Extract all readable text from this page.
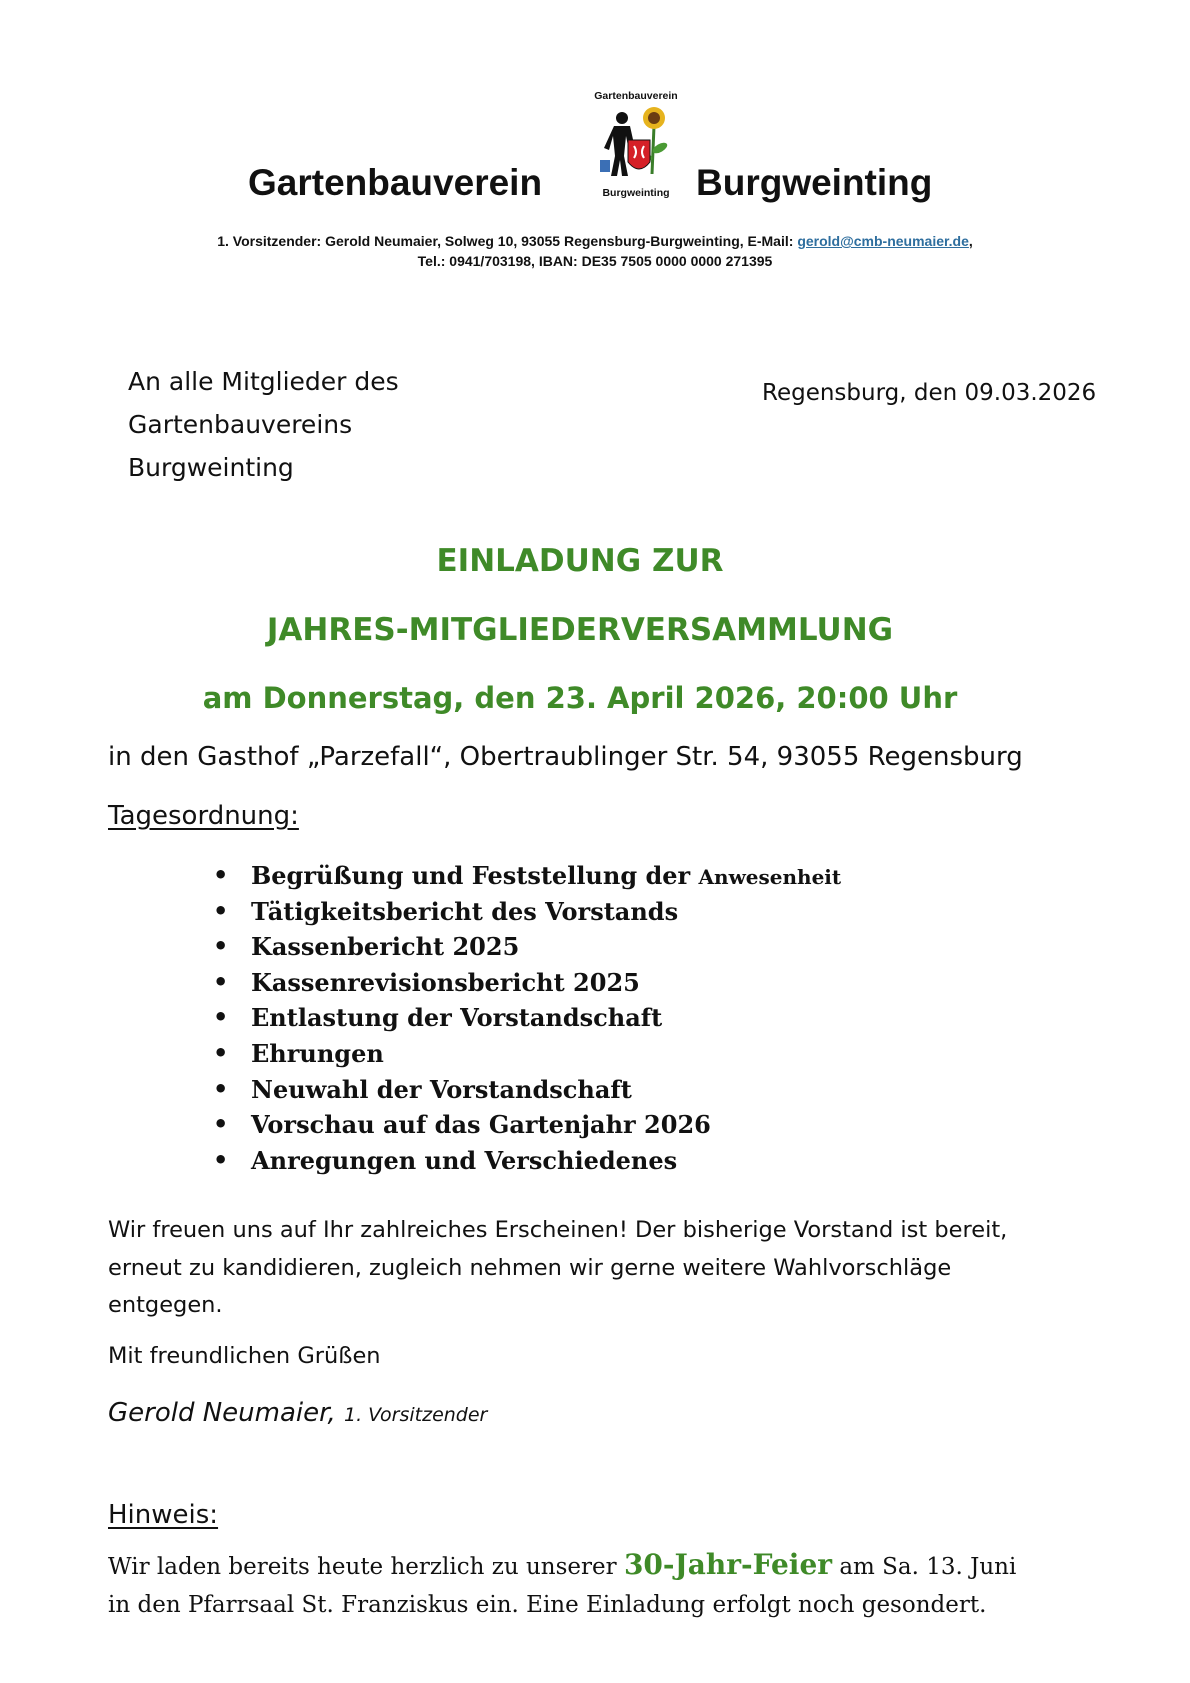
Gartenbauverein
Gartenbauverein
Burgweinting Burgweinting
1. Vorsitzender: Gerold Neumaier, Solweg 10, 93055 Regensburg-Burgweinting, E-Mail: gerold@cmb-neumaier.de,
Tel.: 0941/703198, IBAN: DE35 7505 0000 0000 271395
An alle Mitglieder des
Gartenbauvereins
Burgweinting
Regensburg, den 09.03.2026
EINLADUNG ZUR
JAHRES-MITGLIEDERVERSAMMLUNG
am Donnerstag, den 23. April 2026, 20:00 Uhr
in den Gasthof „Parzefall“, Obertraublinger Str. 54, 93055 Regensburg
Tagesordnung:
• Begrüßung und Feststellung der Anwesenheit
• Tätigkeitsbericht des Vorstands
• Kassenbericht 2025
• Kassenrevisionsbericht 2025
• Entlastung der Vorstandschaft
• Ehrungen
• Neuwahl der Vorstandschaft
• Vorschau auf das Gartenjahr 2026
• Anregungen und Verschiedenes
Wir freuen uns auf Ihr zahlreiches Erscheinen! Der bisherige Vorstand ist bereit, erneut zu kandidieren, zugleich nehmen wir gerne weitere Wahlvorschläge entgegen.
Mit freundlichen Grüßen
Gerold Neumaier, 1. Vorsitzender
Hinweis:
Wir laden bereits heute herzlich zu unserer 30-Jahr-Feier am Sa. 13. Juni
in den Pfarrsaal St. Franziskus ein. Eine Einladung erfolgt noch gesondert.
